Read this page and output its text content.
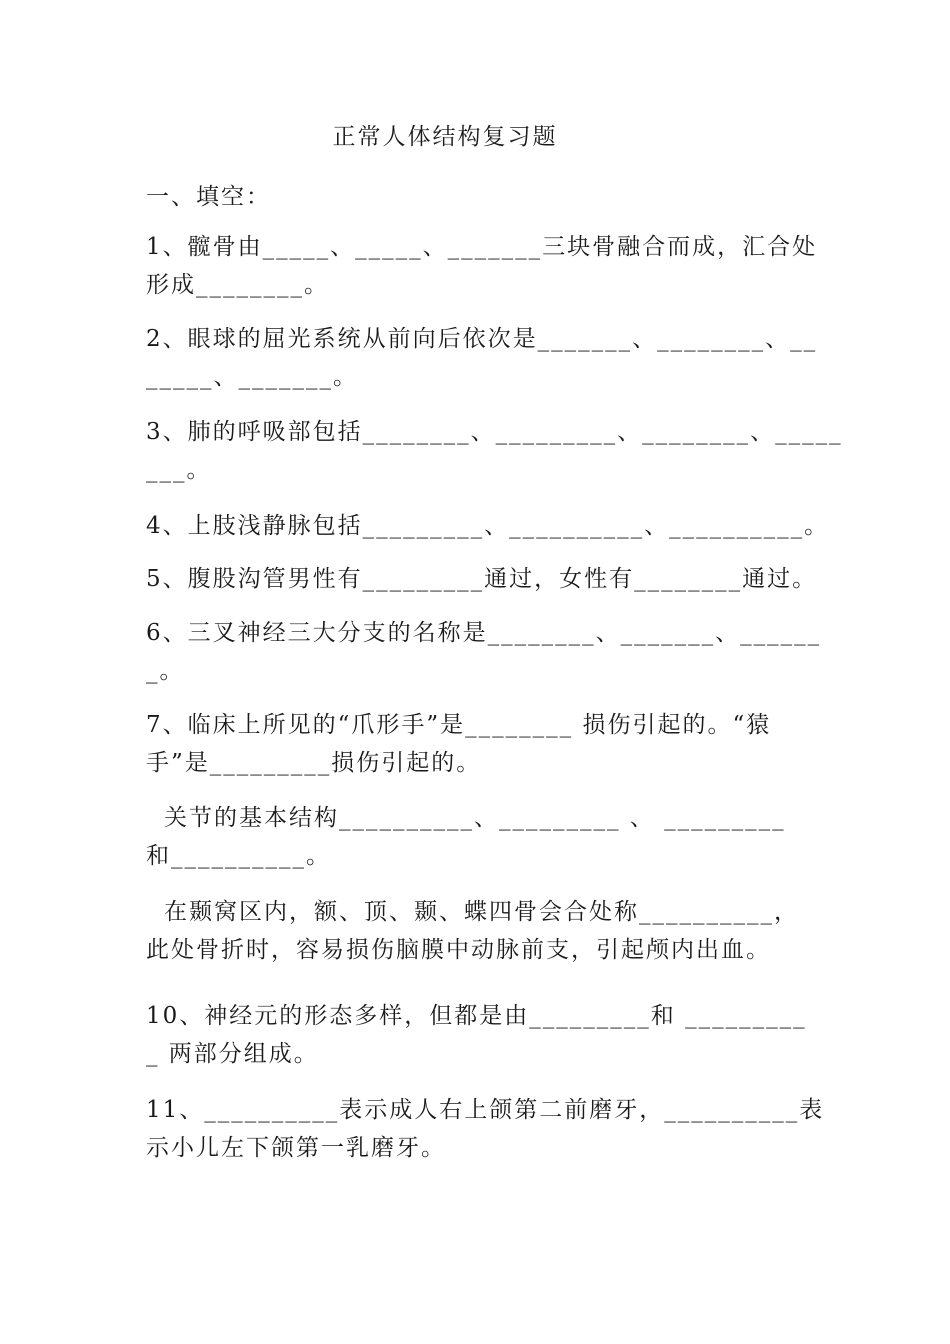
正常人体结构复习题
一、填空：
1、髋骨由_____、_____、_______三块骨融合而成，汇合处
形成________。
2、眼球的屈光系统从前向后依次是_______、________、__
_____、_______。
3、肺的呼吸部包括________、_________、________、_____
___。
4、上肢浅静脉包括_________、__________、__________。
5、腹股沟管男性有_________通过，女性有________通过。
6、三叉神经三大分支的名称是________、_______、______
_。
7、临床上所见的“爪形手”是________ 损伤引起的。“猿
手”是_________损伤引起的。
关节的基本结构__________、_________ 、 _________
和__________。
在颞窝区内，额、顶、颞、蝶四骨会合处称__________，
此处骨折时，容易损伤脑膜中动脉前支，引起颅内出血。
10、神经元的形态多样，但都是由_________和 _________
_ 两部分组成。
11、__________表示成人右上颌第二前磨牙，__________表
示小儿左下颌第一乳磨牙。
